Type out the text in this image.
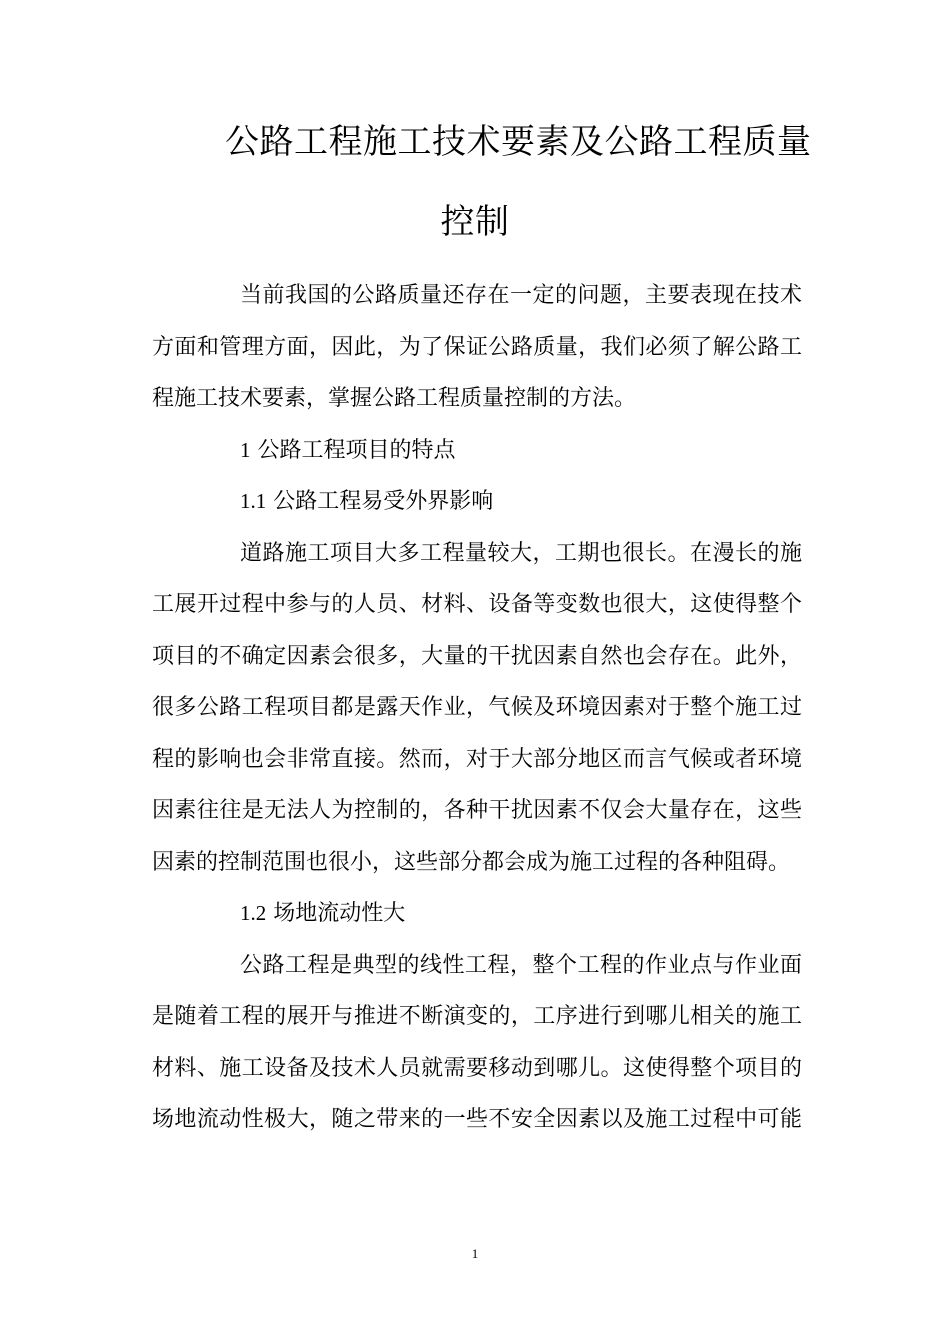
公路工程施工技术要素及公路工程质量
控制
当前我国的公路质量还存在一定的问题，主要表现在技术
方面和管理方面，因此，为了保证公路质量，我们必须了解公路工
程施工技术要素，掌握公路工程质量控制的方法。
1 公路工程项目的特点
1.1 公路工程易受外界影响
道路施工项目大多工程量较大，工期也很长。在漫长的施
工展开过程中参与的人员、材料、设备等变数也很大，这使得整个
项目的不确定因素会很多，大量的干扰因素自然也会存在。此外，
很多公路工程项目都是露天作业，气候及环境因素对于整个施工过
程的影响也会非常直接。然而，对于大部分地区而言气候或者环境
因素往往是无法人为控制的，各种干扰因素不仅会大量存在，这些
因素的控制范围也很小，这些部分都会成为施工过程的各种阻碍。
1.2 场地流动性大
公路工程是典型的线性工程，整个工程的作业点与作业面
是随着工程的展开与推进不断演变的，工序进行到哪儿相关的施工
材料、施工设备及技术人员就需要移动到哪儿。这使得整个项目的
场地流动性极大，随之带来的一些不安全因素以及施工过程中可能
1
